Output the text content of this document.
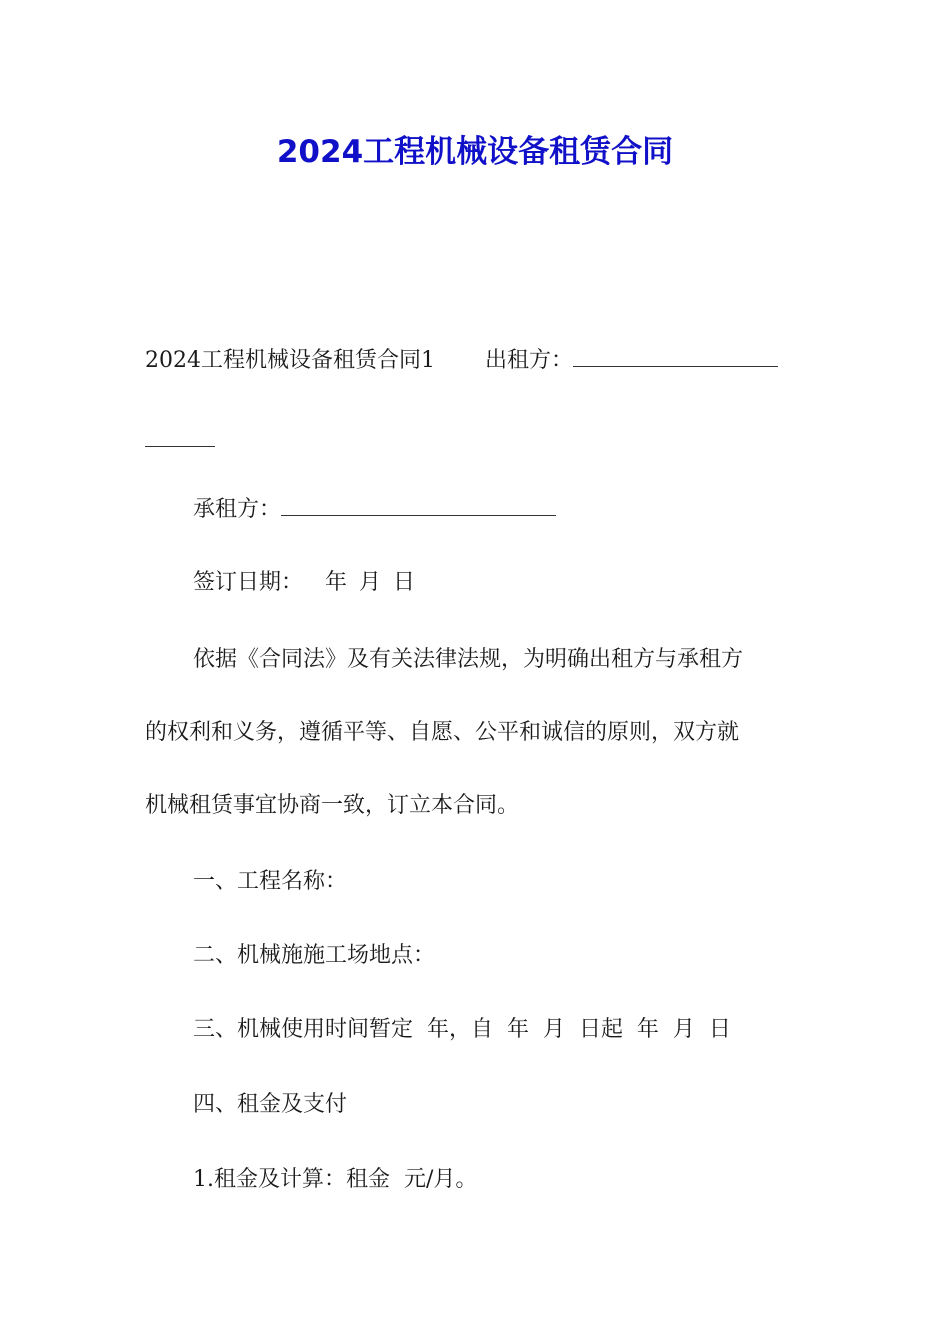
2024工程机械设备租赁合同

2024工程机械设备租赁合同1 出租方：

承租方：

签订日期： 年 月 日

依据《合同法》及有关法律法规，为明确出租方与承租方

的权利和义务，遵循平等、自愿、公平和诚信的原则，双方就

机械租赁事宜协商一致，订立本合同。

一、工程名称：

二、机械施施工场地点：

三、机械使用时间暂定  年，自  年  月  日起  年  月  日

四、租金及支付

1.租金及计算：租金  元/月。
